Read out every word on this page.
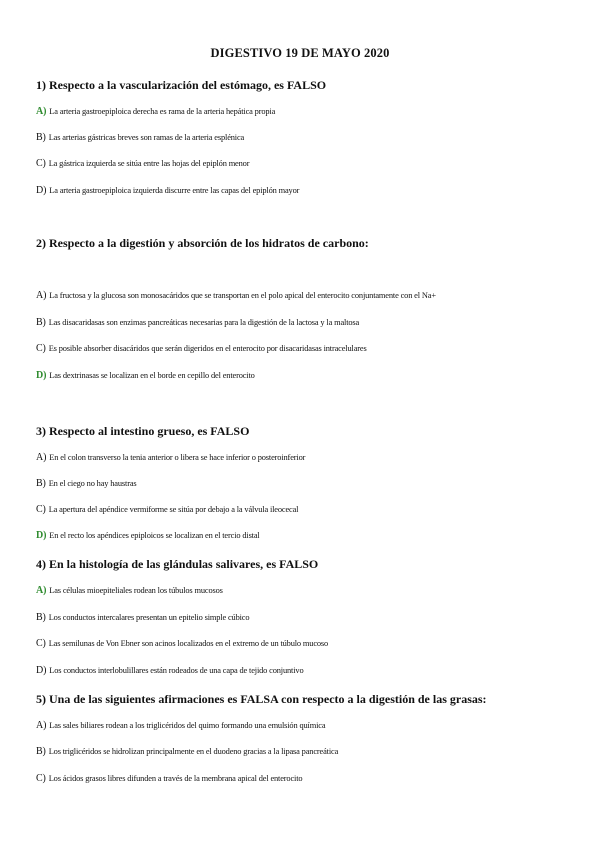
DIGESTIVO 19 DE MAYO 2020
1) Respecto a la vascularización del estómago, es FALSO
A) La arteria gastroepiploica derecha es rama de la arteria hepática propia
B) Las arterias gástricas breves son ramas de la arteria esplénica
C) La gástrica izquierda se sitúa entre las hojas del epiplón menor
D) La arteria gastroepiploica izquierda discurre entre las capas del epiplón mayor
2) Respecto a la digestión y absorción de los hidratos de carbono:
A) La fructosa y la glucosa son monosacáridos que se transportan en el polo apical del enterocito conjuntamente con el Na+
B) Las disacaridasas son enzimas pancreáticas necesarias para la digestión de la lactosa y la maltosa
C) Es posible absorber disacáridos que serán digeridos en el enterocito por disacaridasas intracelulares
D) Las dextrinasas se localizan en el borde en cepillo del enterocito
3) Respecto al intestino grueso, es FALSO
A) En el colon transverso la tenia anterior o libera se hace inferior o posteroinferior
B) En el ciego no hay haustras
C) La apertura del apéndice vermiforme se sitúa por debajo a la válvula ileocecal
D) En el recto los apéndices epiploicos se localizan en el tercio distal
4) En la histología de las glándulas salivares, es FALSO
A) Las células mioepiteliales rodean los túbulos mucosos
B) Los conductos intercalares presentan un epitelio simple cúbico
C) Las semilunas de Von Ebner son acinos localizados en el extremo de un túbulo mucoso
D) Los conductos interlobulillares están rodeados de una capa de tejido conjuntivo
5) Una de las siguientes afirmaciones es FALSA con respecto a la digestión de las grasas:
A) Las sales biliares rodean a los triglicéridos del quimo formando una emulsión química
B) Los triglicéridos se hidrolizan principalmente en el duodeno gracias a la lipasa pancreática
C) Los ácidos grasos libres difunden a través de la membrana apical del enterocito
